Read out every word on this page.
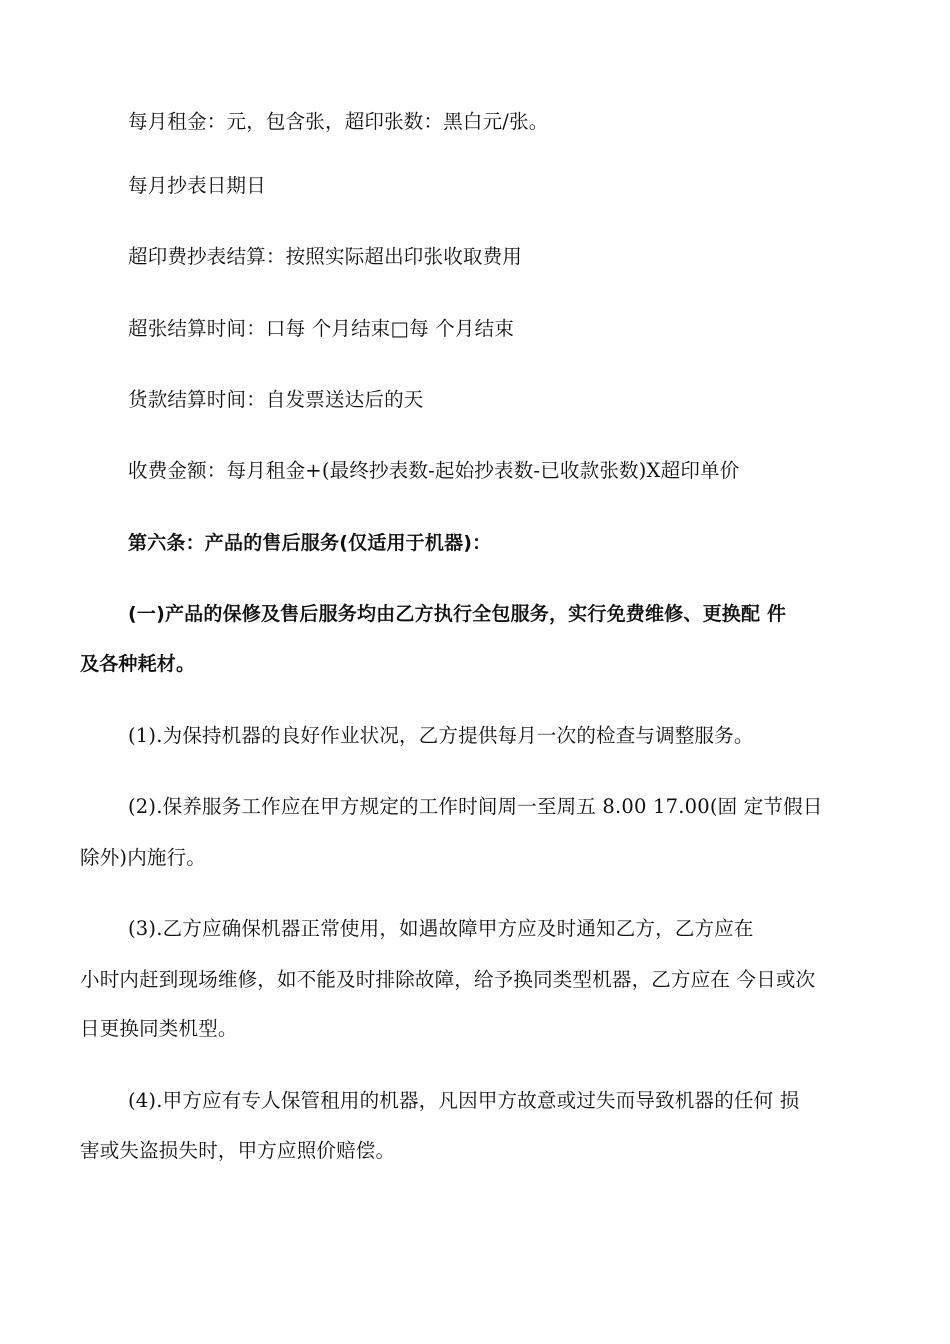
每月租金：元，包含张，超印张数：黑白元/张。
每月抄表日期日
超印费抄表结算：按照实际超出印张收取费用
超张结算时间：口每 个月结束□每 个月结束
货款结算时间：自发票送达后的天
收费金额：每月租金+(最终抄表数-起始抄表数-已收款张数)X超印单价
第六条：产品的售后服务(仅适用于机器)：
(一)产品的保修及售后服务均由乙方执行全包服务，实行免费维修、更换配 件
及各种耗材。
(1).为保持机器的良好作业状况，乙方提供每月一次的检查与调整服务。
(2).保养服务工作应在甲方规定的工作时间周一至周五 8.00 17.00(固 定节假日
除外)内施行。
(3).乙方应确保机器正常使用，如遇故障甲方应及时通知乙方，乙方应在
小时内赶到现场维修，如不能及时排除故障，给予换同类型机器，乙方应在 今日或次
日更换同类机型。
(4).甲方应有专人保管租用的机器，凡因甲方故意或过失而导致机器的任何 损
害或失盗损失时，甲方应照价赔偿。
